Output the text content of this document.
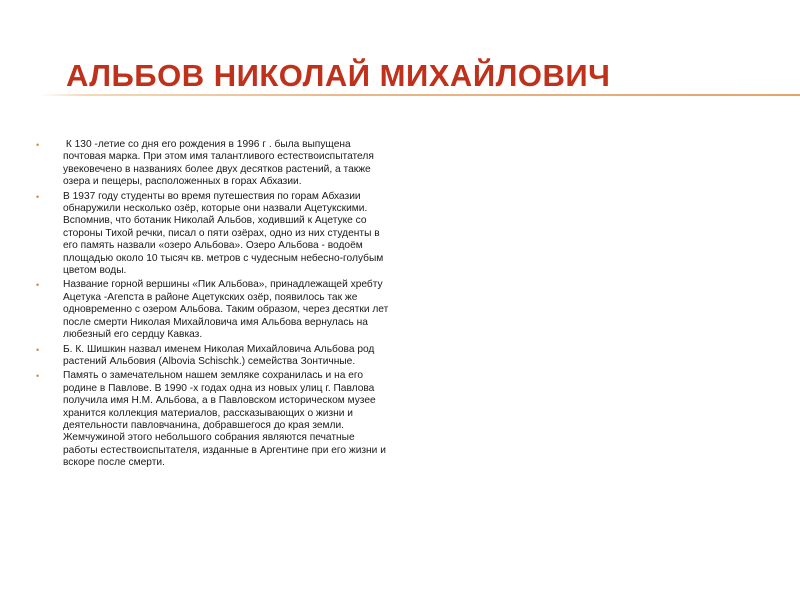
АЛЬБОВ НИКОЛАЙ МИХАЙЛОВИЧ
•	К 130 -летие со дня его рождения в 1996 г . была выпущена почтовая марка. При этом имя талантливого естествоиспытателя увековечено в названиях более двух десятков растений, а также озера и пещеры, расположенных в горах Абхазии.
•	В 1937 году студенты во время путешествия по горам Абхазии обнаружили несколько озёр, которые они назвали Ацетукскими. Вспомнив, что ботаник Николай Альбов, ходивший к Ацетуке со стороны Тихой речки, писал о пяти озёрах, одно из них студенты в его память назвали «озеро Альбова». Озеро Альбова - водоём площадью около 10 тысяч кв. метров с чудесным небесно-голубым цветом воды.
•	Название горной вершины «Пик Альбова», принадлежащей хребту Ацетука -Агепста в районе Ацетукских озёр, появилось так же одновременно с озером Альбова. Таким образом, через десятки лет после смерти Николая Михайловича имя Альбова вернулась на любезный его сердцу Кавказ.
•	Б. К. Шишкин назвал именем Николая Михайловича Альбова род растений Альбовия (Albovia Schischk.) семейства Зонтичные.
•	Память о замечательном нашем земляке сохранилась и на его родине в Павлове. В 1990 -х годах одна из новых улиц г. Павлова получила имя Н.М. Альбова, а в Павловском историческом музее хранится коллекция материалов, рассказывающих о жизни и деятельности павловчанина, добравшегося до края земли. Жемчужиной этого небольшого собрания являются печатные работы естествоиспытателя, изданные в Аргентине при его жизни и вскоре после смерти.
